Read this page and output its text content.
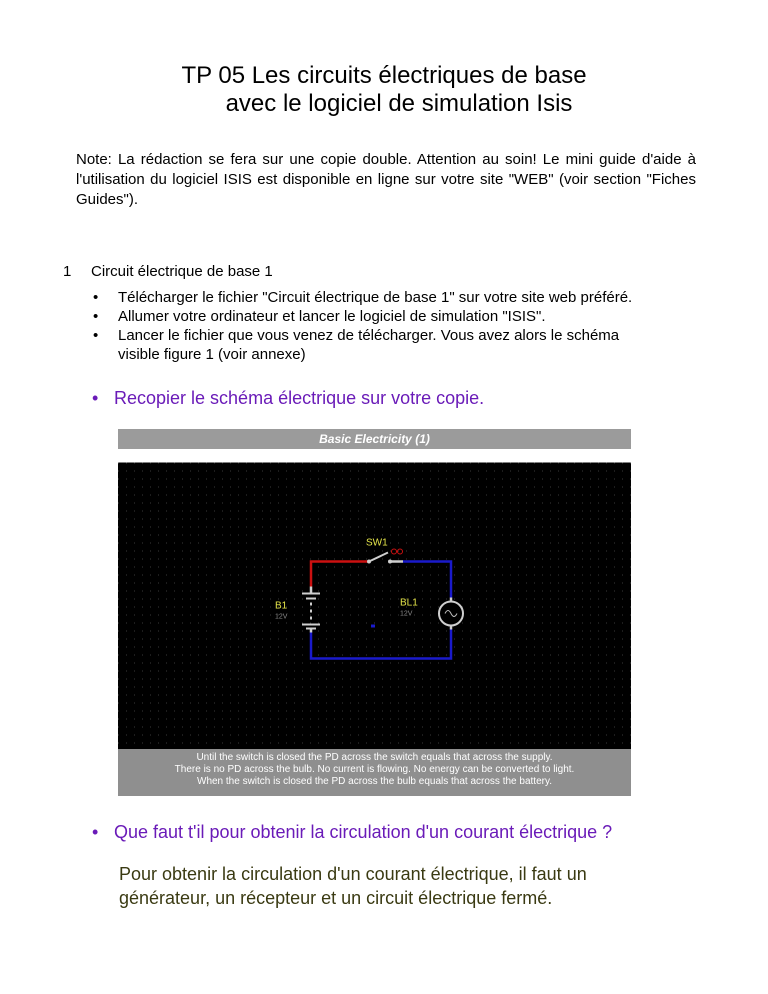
TP 05 Les circuits électriques de base
avec le logiciel de simulation Isis
Note: La rédaction se fera sur une copie double. Attention au soin! Le mini guide d'aide à l'utilisation du logiciel ISIS est disponible en ligne sur votre site "WEB" (voir section "Fiches Guides").
1 Circuit électrique de base 1
• Télécharger le fichier "Circuit électrique de base 1" sur votre site web préféré.
• Allumer votre ordinateur et lancer le logiciel de simulation "ISIS".
• Lancer le fichier que vous venez de télécharger. Vous avez alors le schéma visible figure 1 (voir annexe)
• Recopier le schéma électrique sur votre copie.
Basic Electricity (1)
SW1
B1
12V
BL1
12V
Until the switch is closed the PD across the switch equals that across the supply.
There is no PD across the bulb. No current is flowing. No energy can be converted to light.
When the switch is closed the PD across the bulb equals that across the battery.
• Que faut t'il pour obtenir la circulation d'un courant électrique ?
Pour obtenir la circulation d'un courant électrique, il faut un générateur, un récepteur et un circuit électrique fermé.
